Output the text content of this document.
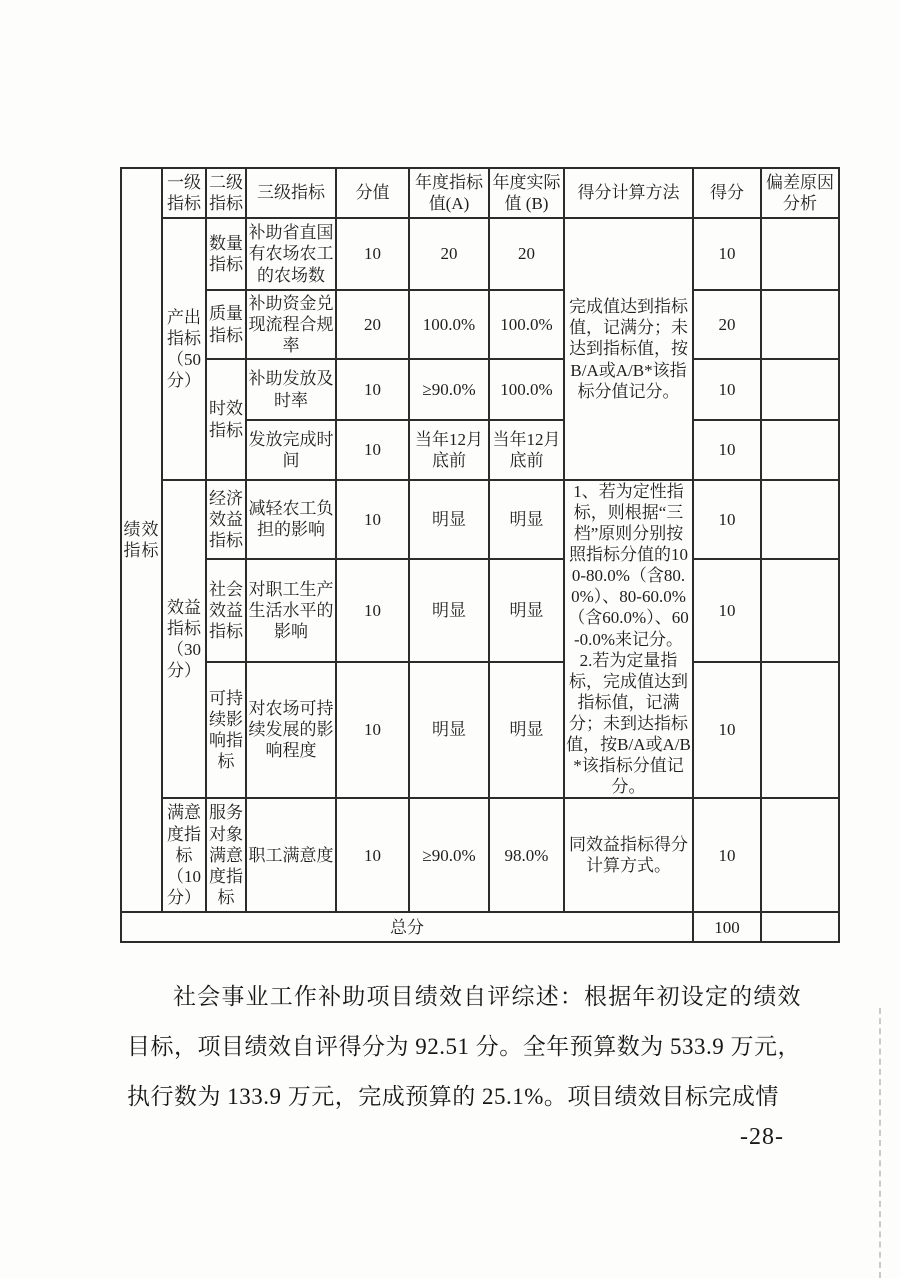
绩效指标	一级指标	二级指标	三级指标	分值	年度指标值(A)	年度实际值 (B)	得分计算方法	得分	偏差原因分析
	产出指标（50分）	数量指标	补助省直国有农场农工的农场数	10	20	20	完成值达到指标值，记满分；未达到指标值，按B/A或A/B*该指标分值记分。	10	
		质量指标	补助资金兑现流程合规率	20	100.0%	100.0%		20	
		时效指标	补助发放及时率	10	≥90.0%	100.0%		10	
			发放完成时间	10	当年12月底前	当年12月底前		10	
	效益指标（30分）	经济效益指标	减轻农工负担的影响	10	明显	明显	1、若为定性指标，则根据“三档”原则分别按照指标分值的100-80.0%（含80.0%）、80-60.0%（含60.0%）、60-0.0%来记分。
2.若为定量指标，完成值达到指标值，记满分；未到达指标值，按B/A或A/B*该指标分值记分。	10	
		社会效益指标	对职工生产生活水平的影响	10	明显	明显		10	
		可持续影响指标	对农场可持续发展的影响程度	10	明显	明显		10	
	满意度指标（10分）	服务对象满意度指标	职工满意度	10	≥90.0%	98.0%	同效益指标得分计算方式。	10	
总分								100	

社会事业工作补助项目绩效自评综述：根据年初设定的绩效目标，项目绩效自评得分为 92.51 分。全年预算数为 533.9 万元，执行数为 133.9 万元，完成预算的 25.1%。项目绩效目标完成情

-28-
